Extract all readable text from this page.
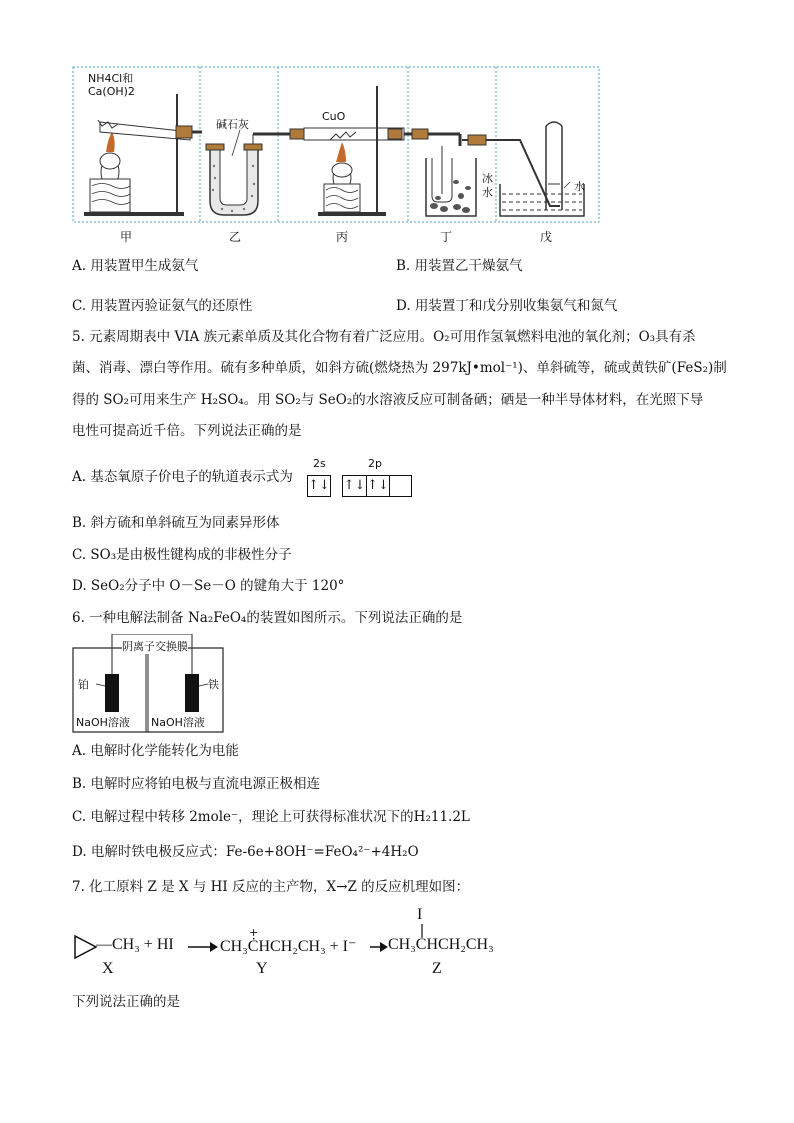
NH4Cl和
Ca(OH)2
碱石灰
CuO
冰
水	水
甲	乙	丙	丁	戊
A. 用装置甲生成氨气	B. 用装置乙干燥氨气
C. 用装置丙验证氨气的还原性	D. 用装置丁和戊分别收集氨气和氮气
5. 元素周期表中 VIA 族元素单质及其化合物有着广泛应用。O₂可用作氢氧燃料电池的氧化剂；O₃具有杀
菌、消毒、漂白等作用。硫有多种单质，如斜方硫(燃烧热为 297kJ•mol⁻¹)、单斜硫等，硫或黄铁矿(FeS₂)制
得的 SO₂可用来生产 H₂SO₄。用 SO₂与 SeO₂的水溶液反应可制备硒；硒是一种半导体材料，在光照下导
电性可提高近千倍。下列说法正确的是
A. 基态氧原子价电子的轨道表示式为
2s	2p
↑↓ ↑↓ ↑↓
B. 斜方硫和单斜硫互为同素异形体
C. SO₃是由极性键构成的非极性分子
D. SeO₂分子中 O－Se－O 的键角大于 120°
6. 一种电解法制备 Na₂FeO₄的装置如图所示。下列说法正确的是
阴离子交换膜
铂	铁
NaOH溶液 NaOH溶液
A. 电解时化学能转化为电能
B. 电解时应将铂电极与直流电源正极相连
C. 电解过程中转移 2mole⁻，理论上可获得标准状况下的H₂11.2L
D. 电解时铁电极反应式：Fe-6e+8OH⁻=FeO₄²⁻+4H₂O
7. 化工原料 Z 是 X 与 HI 反应的主产物，X→Z 的反应机理如图：
—CH₃ + HI	CH₃ĊHCH₂CH₃ + I⁻
+
CH₃CHCH₂CH₃
I
X	Y	Z
下列说法正确的是
